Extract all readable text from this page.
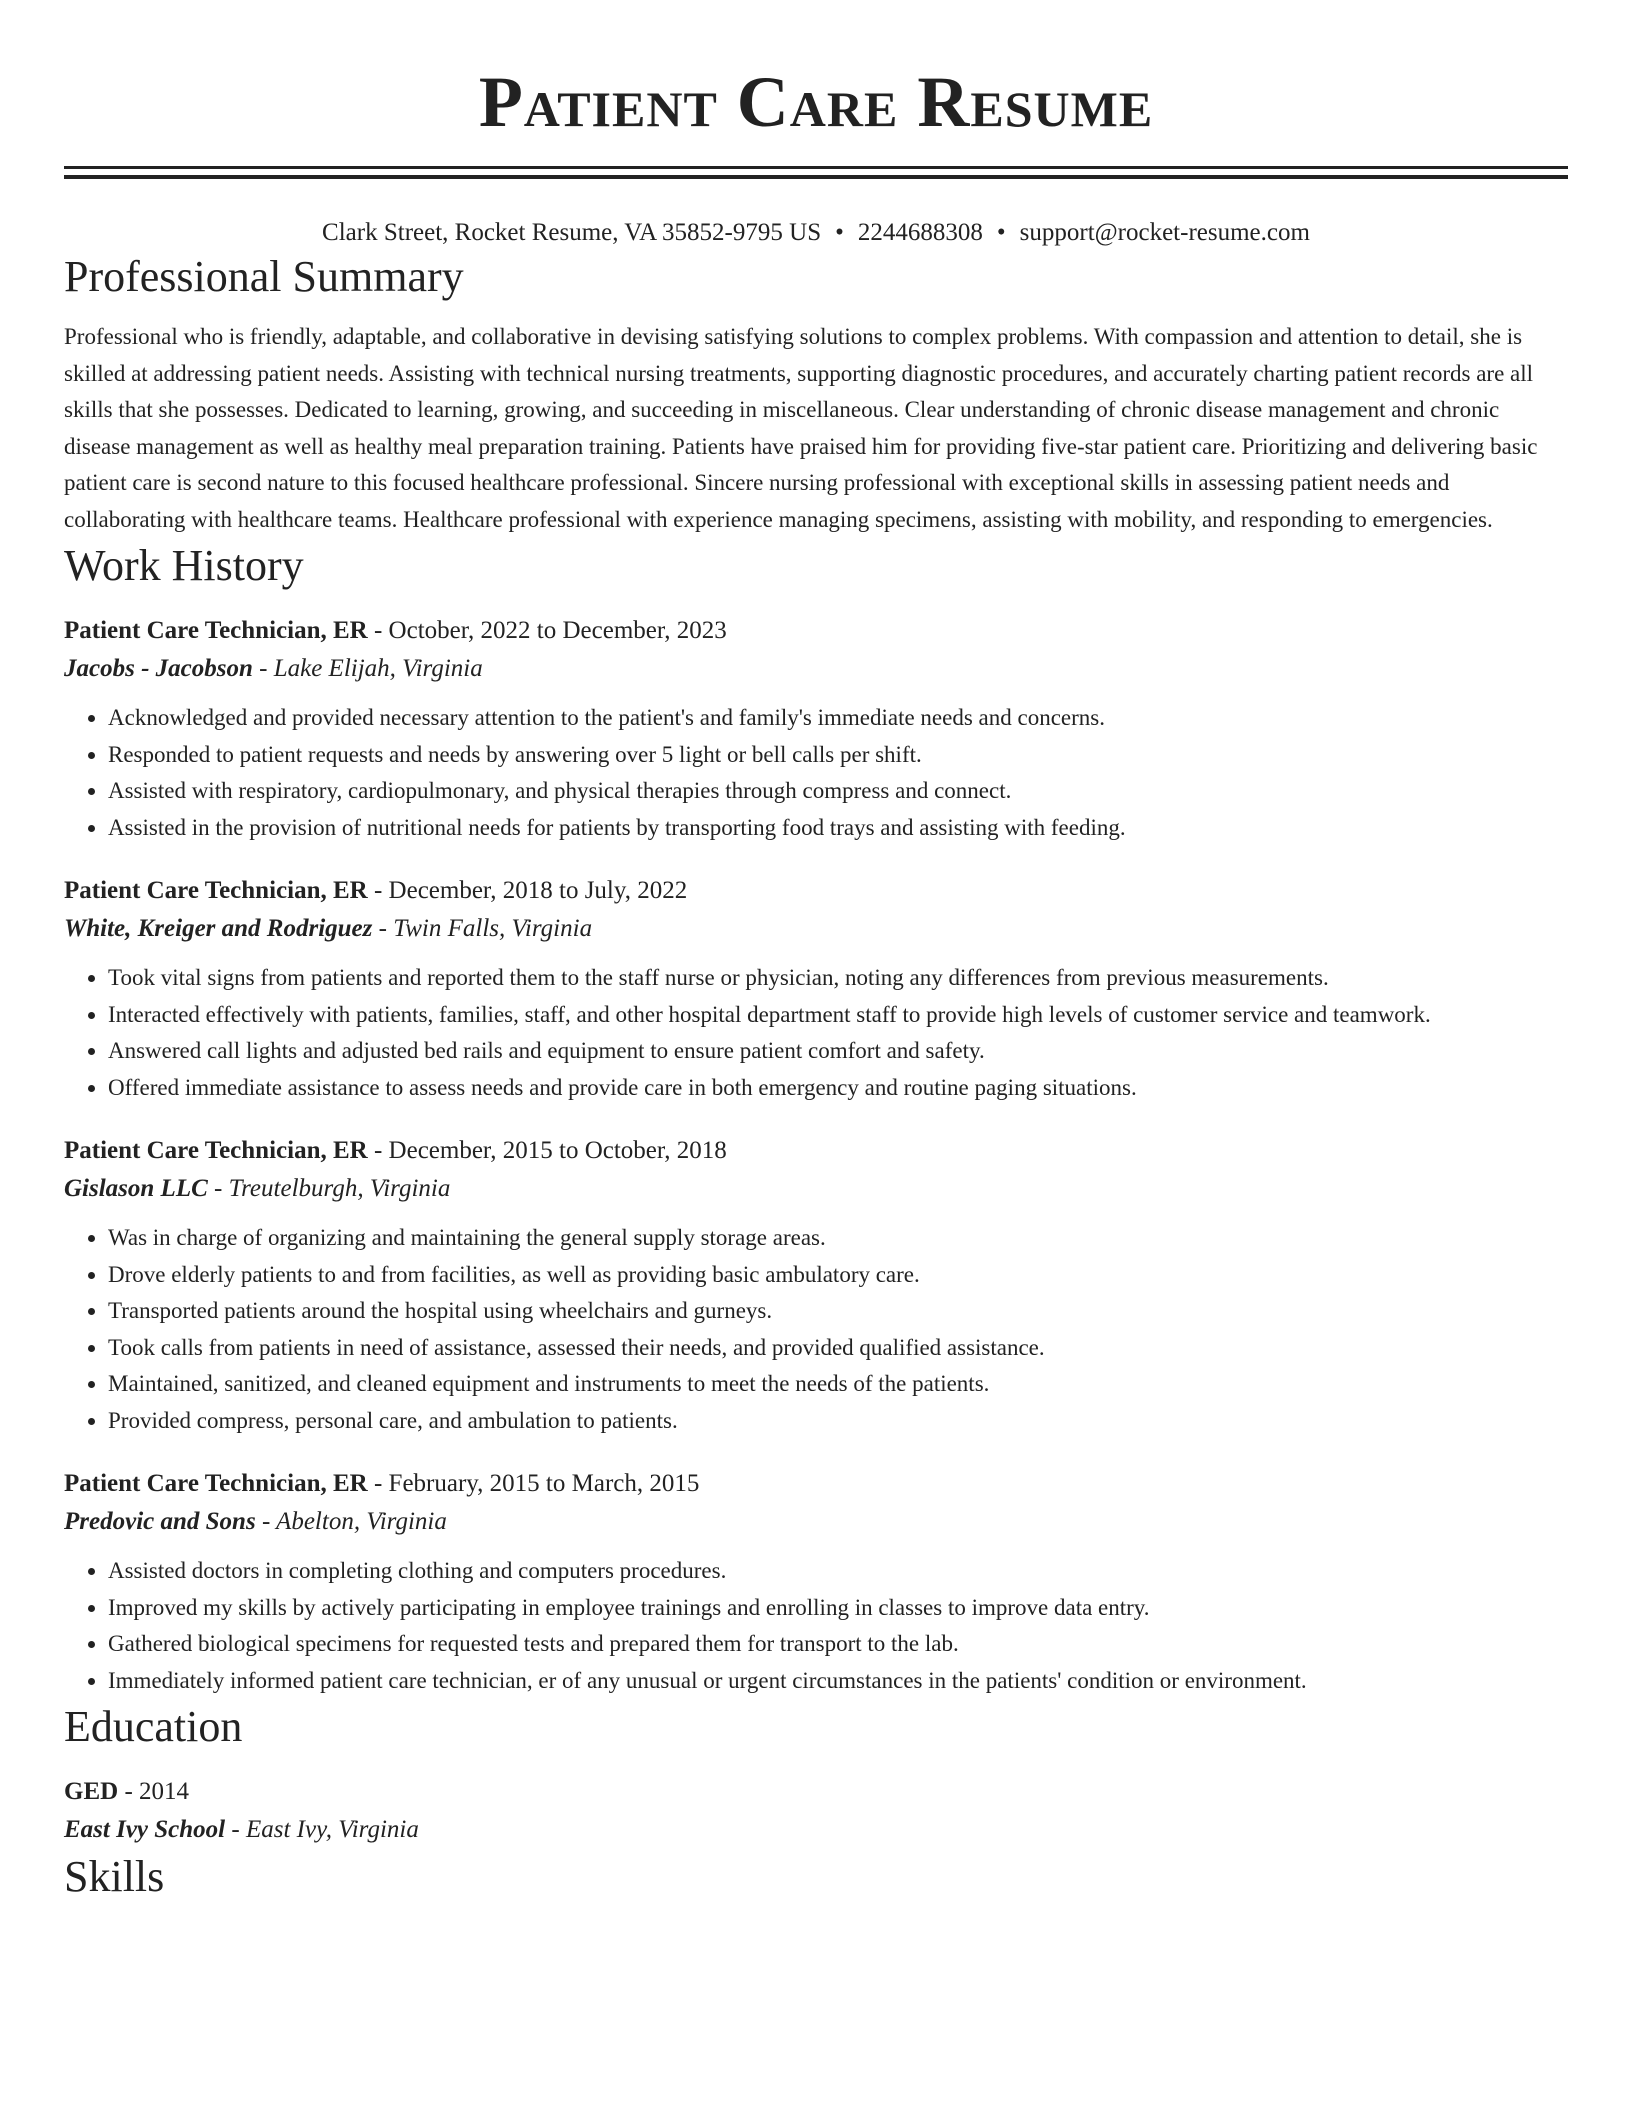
Patient Care Resume
Clark Street, Rocket Resume, VA 35852-9795 US • 2244688308 • support@rocket-resume.com
Professional Summary

Professional who is friendly, adaptable, and collaborative in devising satisfying solutions to complex problems. With compassion and attention to detail, she is skilled at addressing patient needs. Assisting with technical nursing treatments, supporting diagnostic procedures, and accurately charting patient records are all skills that she possesses. Dedicated to learning, growing, and succeeding in miscellaneous. Clear understanding of chronic disease management and chronic disease management as well as healthy meal preparation training. Patients have praised him for providing five-star patient care. Prioritizing and delivering basic patient care is second nature to this focused healthcare professional. Sincere nursing professional with exceptional skills in assessing patient needs and collaborating with healthcare teams. Healthcare professional with experience managing specimens, assisting with mobility, and responding to emergencies.

Work History
Patient Care Technician, ER - October, 2022 to December, 2023
Jacobs - Jacobson - Lake Elijah, Virginia
• Acknowledged and provided necessary attention to the patient's and family's immediate needs and concerns.
• Responded to patient requests and needs by answering over 5 light or bell calls per shift.
• Assisted with respiratory, cardiopulmonary, and physical therapies through compress and connect.
• Assisted in the provision of nutritional needs for patients by transporting food trays and assisting with feeding.
Patient Care Technician, ER - December, 2018 to July, 2022
White, Kreiger and Rodriguez - Twin Falls, Virginia
• Took vital signs from patients and reported them to the staff nurse or physician, noting any differences from previous measurements.
• Interacted effectively with patients, families, staff, and other hospital department staff to provide high levels of customer service and teamwork.
• Answered call lights and adjusted bed rails and equipment to ensure patient comfort and safety.
• Offered immediate assistance to assess needs and provide care in both emergency and routine paging situations.
Patient Care Technician, ER - December, 2015 to October, 2018
Gislason LLC - Treutelburgh, Virginia
• Was in charge of organizing and maintaining the general supply storage areas.
• Drove elderly patients to and from facilities, as well as providing basic ambulatory care.
• Transported patients around the hospital using wheelchairs and gurneys.
• Took calls from patients in need of assistance, assessed their needs, and provided qualified assistance.
• Maintained, sanitized, and cleaned equipment and instruments to meet the needs of the patients.
• Provided compress, personal care, and ambulation to patients.
Patient Care Technician, ER - February, 2015 to March, 2015
Predovic and Sons - Abelton, Virginia
• Assisted doctors in completing clothing and computers procedures.
• Improved my skills by actively participating in employee trainings and enrolling in classes to improve data entry.
• Gathered biological specimens for requested tests and prepared them for transport to the lab.
• Immediately informed patient care technician, er of any unusual or urgent circumstances in the patients' condition or environment.
Education
GED - 2014
East Ivy School - East Ivy, Virginia
Skills
